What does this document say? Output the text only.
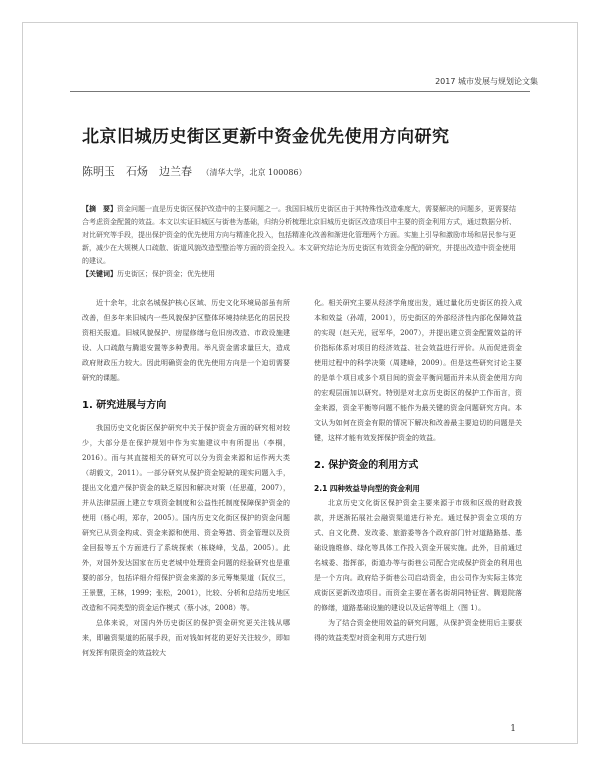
2017 城市发展与规划论文集
北京旧城历史街区更新中资金优先使用方向研究
陈明玉　石炀　边兰春 （清华大学，北京 100086）

【摘　要】资金问题一直是历史街区保护改造中的主要问题之一。我国旧城历史街区由于其特殊性改造难度大，需要解决的问题多，更需要结合考虑资金配置的效益。本文以实证旧城区与街巷为基础，归纳分析梳理北京旧城历史街区改造项目中主要的资金利用方式，通过数据分析、对比研究等手段，提出保护资金的优先使用方向与精准化投入，包括精准化改善和渐进化管理两个方面。实施上引导和激励市场和居民参与更新，减少在大规模人口疏散、街道风貌改造型整治等方面的资金投入。本文研究结论为历史街区有效资金分配的研究，并提出改造中资金使用的建议。

【关键词】历史街区；保护资金；优先使用

近十余年，北京名城保护核心区域、历史文化环境局部虽有所改善，但多年来旧城内一些风貌保护区整体环境持续恶化的居民投资相关报道。旧城风貌保护、房屋修缮与危旧房改造、市政设施建设、人口疏散与腾退安置等多种费用。举凡资金需求量巨大，造成政府财政压力较大。因此明确资金的优先使用方向是一个迫切需要研究的课题。

1. 研究进展与方向

我国历史文化街区保护研究中关于保护资金方面的研究相对较少，大部分是在保护规划中作为实施建议中有所提出（李桐，2016）。而与其直接相关的研究可以分为资金来源和运作两大类（胡毅文，2011）。一部分研究从保护资金短缺的现实问题入手，提出文化遗产保护资金的缺乏原因和解决对策（任思蕴，2007），并从法律层面上建立专项资金制度和公益性托制度保障保护资金的使用（杨心明，郑存，2005）。国内历史文化街区保护的资金问题研究已从资金构成、资金来源和使用、资金筹措、资金管理以及资金回报等五个方面进行了系统探索（栋晓峰，戈晶，2005）。此外，对国外发达国家在历史老城中处理资金问题的经验研究也是重要的部分，包括详细介绍保护资金来源的多元筹集渠道（阮仪三，王景慧，王林，1999；张松，2001），比较、分析和总结历史地区改造和不同类型的资金运作模式（蔡小冰，2008）等。

总体来说，对国内外历史街区的保护资金研究更关注钱从哪来，即融资渠道的拓展手段，而对钱如何花的更好关注较少，即如何发挥有限资金的效益较大

化。相关研究主要从经济学角度出发，通过量化历史街区的投入成本和效益（孙靖，2001），历史街区的外部经济性内部化保障效益的实现（赵天光，冠军华，2007），并提出建立资金配置效益的评价指标体系对项目的经济效益、社会效益进行评价。从而促进资金使用过程中的科学决策（周建峰，2009）。但是这些研究讨论主要的是单个项目或多个项目间的资金平衡问题而并未从资金使用方向的宏观层面加以研究。特别是对北京历史街区的保护工作而言，资金来源，资金平衡等问题不能作为最关键的资金问题研究方向。本文认为如何在资金有限的情况下解决和改善最主要迫切的问题是关键，这样才能有效发挥保护资金的效益。

2. 保护资金的利用方式
2.1 四种效益导向型的资金利用

北京历史文化街区保护资金主要来源于市级和区级的财政拨款，并逐渐拓展社会融资渠道进行补充。通过保护资金立项的方式、自文化费、发改委、旅游委等各个政府部门针对道路路基、基础设施维修、绿化等具体工作投入资金开展实施。此外，目前通过名城委、指挥部，街道办等与街巷公司配合完成保护资金的利用也是一个方向。政府给予街巷公司启动资金，由公司作为实际主体完成街区更新改造项目。而资金主要在著名街胡同特征营、腾退院落的修缮，道路基础设施的建设以及运营等组上（图 1）。

为了结合资金使用效益的研究问题，从保护资金使用后主要获得的效益类型对资金利用方式进行划

1
